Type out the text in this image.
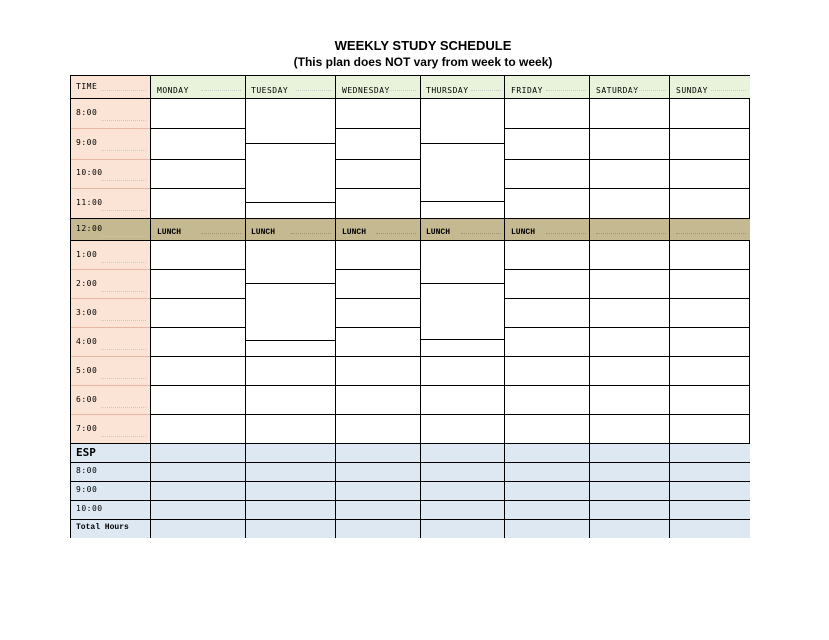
WEEKLY STUDY SCHEDULE
(This plan does NOT vary from week to week)
TIME	MONDAY	TUESDAY	WEDNESDAY	THURSDAY	FRIDAY	SATURDAY	SUNDAY
8:00
9:00
10:00
11:00
12:00	LUNCH	LUNCH	LUNCH	LUNCH	LUNCH
1:00
2:00
3:00
4:00
5:00
6:00
7:00
ESP
8:00
9:00
10:00
Total Hours
